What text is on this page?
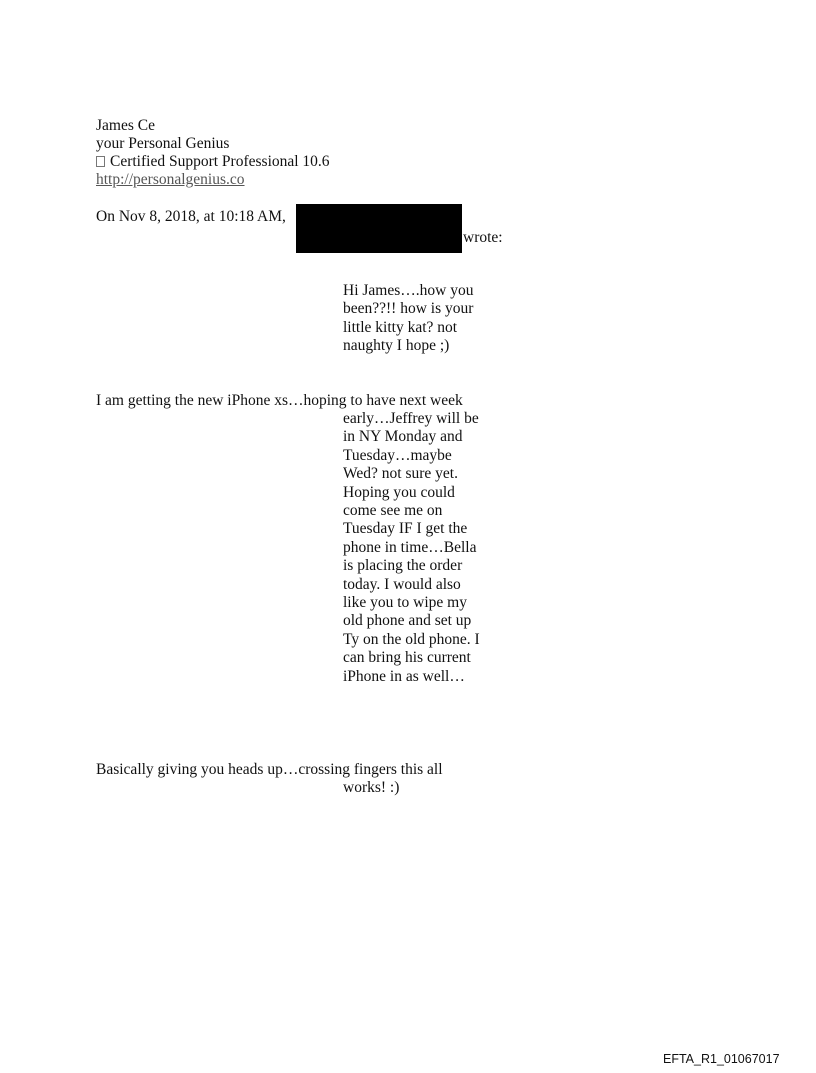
James Ce
your Personal Genius
Certified Support Professional 10.6
http://personalgenius.co
On Nov 8, 2018, at 10:18 AM,
wrote:

Hi James….how you been??!! how is your little kitty kat? not naughty I hope ;)

I am getting the new iPhone xs…hoping to have next week

early…Jeffrey will be in NY Monday and Tuesday…maybe Wed? not sure yet. Hoping you could come see me on Tuesday IF I get the phone in time…Bella is placing the order today. I would also like you to wipe my old phone and set up Ty on the old phone. I can bring his current iPhone in as well…

Basically giving you heads up…crossing fingers this all

works! :)

EFTA_R1_01067017
